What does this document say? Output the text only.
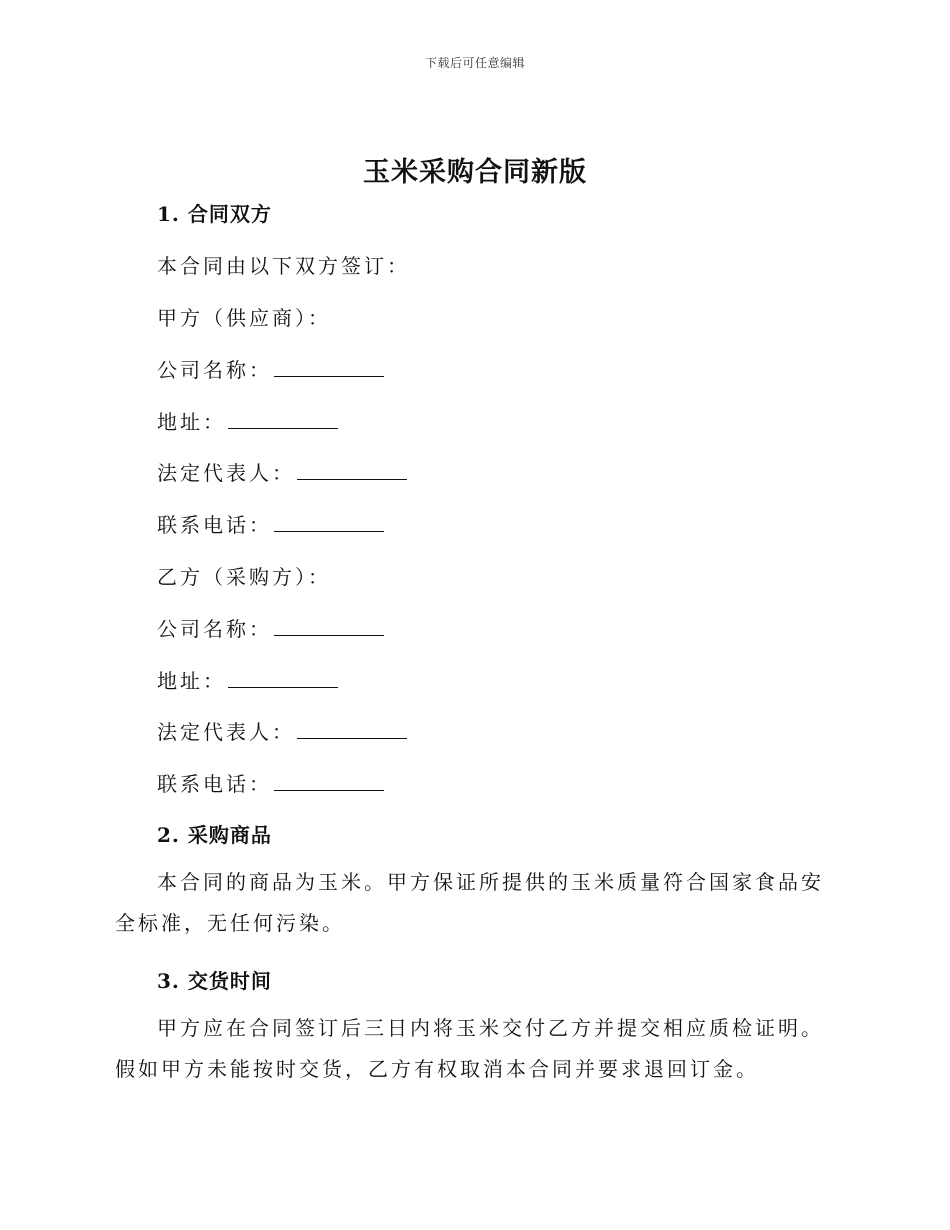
下载后可任意编辑
玉米采购合同新版
1. 合同双方
本合同由以下双方签订：
甲方（供应商）：
公司名称：
地址：
法定代表人：
联系电话：
乙方（采购方）：
公司名称：
地址：
法定代表人：
联系电话：
2. 采购商品
本合同的商品为玉米。甲方保证所提供的玉米质量符合国家食品安全标准，无任何污染。
3. 交货时间
甲方应在合同签订后三日内将玉米交付乙方并提交相应质检证明。假如甲方未能按时交货，乙方有权取消本合同并要求退回订金。
